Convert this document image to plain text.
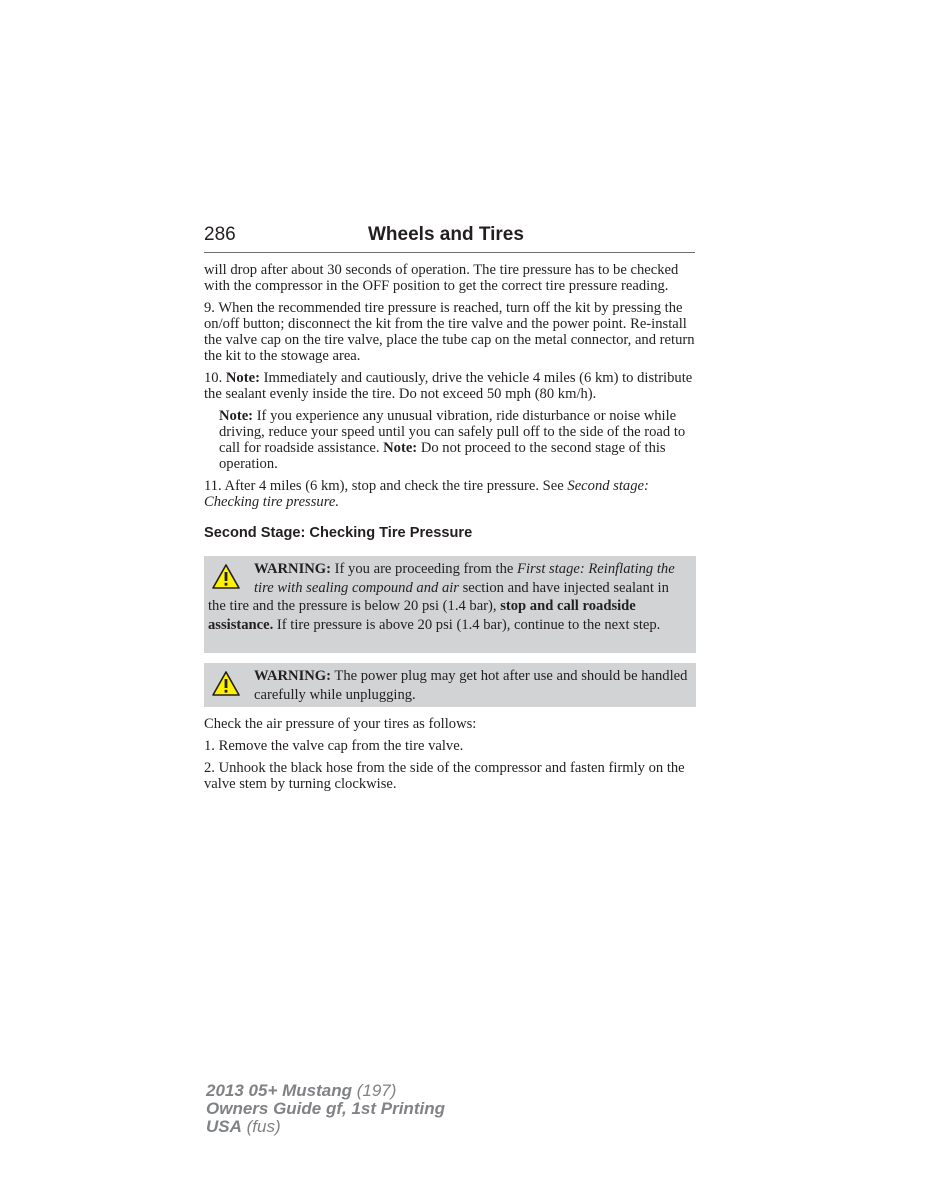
286	Wheels and Tires

will drop after about 30 seconds of operation. The tire pressure has to be checked with the compressor in the OFF position to get the correct tire pressure reading.

9. When the recommended tire pressure is reached, turn off the kit by pressing the on/off button; disconnect the kit from the tire valve and the power point. Re-install the valve cap on the tire valve, place the tube cap on the metal connector, and return the kit to the stowage area.

10. Note: Immediately and cautiously, drive the vehicle 4 miles (6 km) to distribute the sealant evenly inside the tire. Do not exceed 50 mph (80 km/h).

Note: If you experience any unusual vibration, ride disturbance or noise while driving, reduce your speed until you can safely pull off to the side of the road to call for roadside assistance. Note: Do not proceed to the second stage of this operation.

11. After 4 miles (6 km), stop and check the tire pressure. See Second stage: Checking tire pressure.

Second Stage: Checking Tire Pressure
WARNING: If you are proceeding from the First stage: Reinflating the tire with sealing compound and air section and have injected sealant in the tire and the pressure is below 20 psi (1.4 bar), stop and call roadside assistance. If tire pressure is above 20 psi (1.4 bar), continue to the next step.
WARNING: The power plug may get hot after use and should be handled carefully while unplugging.

Check the air pressure of your tires as follows:

1. Remove the valve cap from the tire valve.

2. Unhook the black hose from the side of the compressor and fasten firmly on the valve stem by turning clockwise.

2013 05+ Mustang (197)
Owners Guide gf, 1st Printing
USA (fus)
